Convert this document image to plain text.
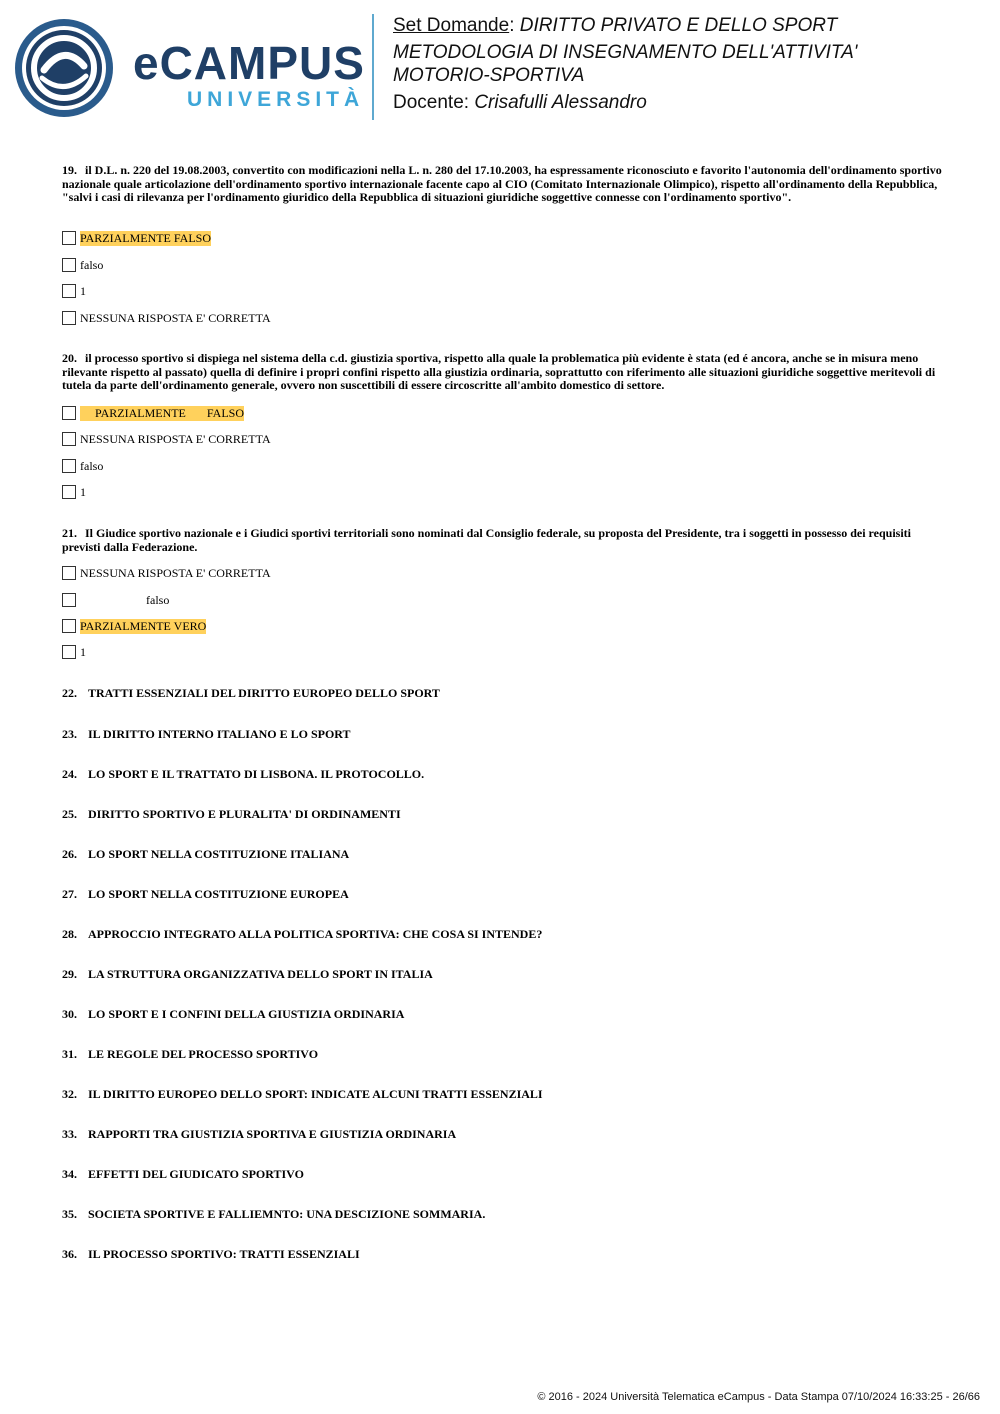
eCAMPUS
UNIVERSITÀ
Set Domande: DIRITTO PRIVATO E DELLO SPORT
METODOLOGIA DI INSEGNAMENTO DELL'ATTIVITA'
MOTORIO-SPORTIVA
Docente: Crisafulli Alessandro
19. il D.L. n. 220 del 19.08.2003, convertito con modificazioni nella L. n. 280 del 17.10.2003, ha espressamente riconosciuto e favorito l'autonomia dell'ordinamento sportivo nazionale quale articolazione dell'ordinamento sportivo internazionale facente capo al CIO (Comitato Internazionale Olimpico), rispetto all'ordinamento della Repubblica, "salvi i casi di rilevanza per l'ordinamento giuridico della Repubblica di situazioni giuridiche soggettive connesse con l'ordinamento sportivo".
PARZIALMENTE FALSO
falso
1
NESSUNA RISPOSTA E' CORRETTA
20. il processo sportivo si dispiega nel sistema della c.d. giustizia sportiva, rispetto alla quale la problematica più evidente è stata (ed é ancora, anche se in misura meno rilevante rispetto al passato) quella di definire i propri confini rispetto alla giustizia ordinaria, soprattutto con riferimento alle situazioni giuridiche soggettive meritevoli di tutela da parte dell'ordinamento generale, ovvero non suscettibili di essere circoscritte all'ambito domestico di settore.
PARZIALMENTE       FALSO
NESSUNA RISPOSTA E' CORRETTA
falso
1
21. Il Giudice sportivo nazionale e i Giudici sportivi territoriali sono nominati dal Consiglio federale, su proposta del Presidente, tra i soggetti in possesso dei requisiti previsti dalla Federazione.
NESSUNA RISPOSTA E' CORRETTA
falso
PARZIALMENTE VERO
1
22. TRATTI ESSENZIALI DEL DIRITTO EUROPEO DELLO SPORT
23. IL DIRITTO INTERNO ITALIANO E LO SPORT
24. LO SPORT E IL TRATTATO DI LISBONA. IL PROTOCOLLO.
25. DIRITTO SPORTIVO E PLURALITA' DI ORDINAMENTI
26. LO SPORT NELLA COSTITUZIONE ITALIANA
27. LO SPORT NELLA COSTITUZIONE EUROPEA
28. APPROCCIO INTEGRATO ALLA POLITICA SPORTIVA: CHE COSA SI INTENDE?
29. LA STRUTTURA ORGANIZZATIVA DELLO SPORT IN ITALIA
30. LO SPORT E I CONFINI DELLA GIUSTIZIA ORDINARIA
31. LE REGOLE DEL PROCESSO SPORTIVO
32. IL DIRITTO EUROPEO DELLO SPORT: INDICATE ALCUNI TRATTI ESSENZIALI
33. RAPPORTI TRA GIUSTIZIA SPORTIVA E GIUSTIZIA ORDINARIA
34. EFFETTI DEL GIUDICATO SPORTIVO
35. SOCIETA SPORTIVE E FALLIEMNTO: UNA DESCIZIONE SOMMARIA.
36. IL PROCESSO SPORTIVO: TRATTI ESSENZIALI
© 2016 - 2024 Università Telematica eCampus - Data Stampa 07/10/2024 16:33:25 - 26/66
